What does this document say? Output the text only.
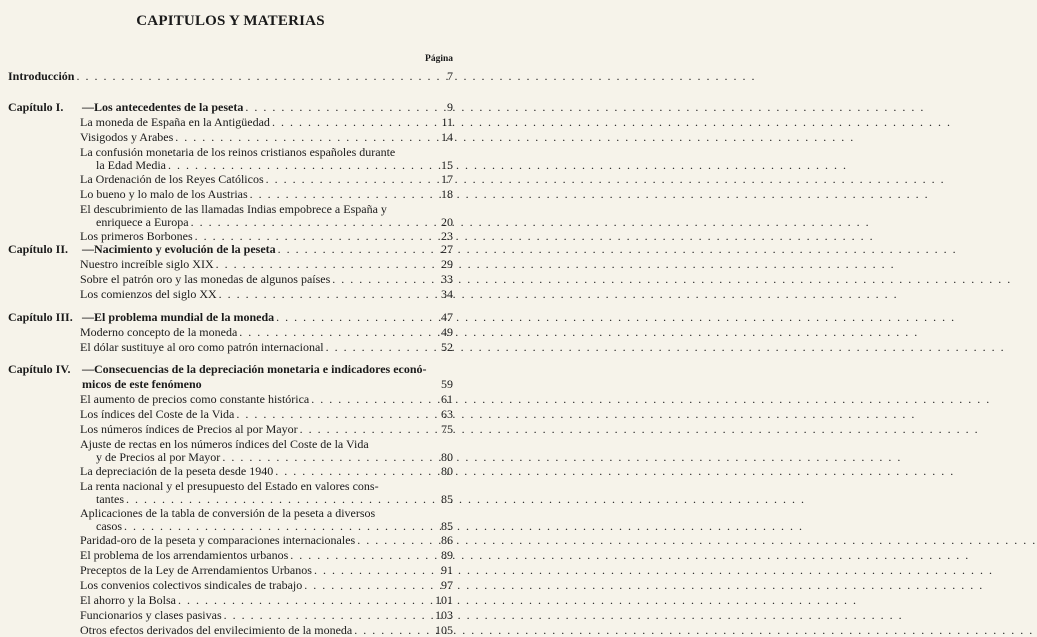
CAPITULOS Y MATERIAS
Página
Introducción . . .	7
Capítulo I. —Los antecedentes de la peseta . . .	9
La moneda de España en la Antigüedad . . .	11
Visigodos y Arabes . . .	14
La confusión monetaria de los reinos cristianos españoles durante
la Edad Media . . .	15
La Ordenación de los Reyes Católicos . . .	17
Lo bueno y lo malo de los Austrias . . .	18
El descubrimiento de las llamadas Indias empobrece a España y
enriquece a Europa . . .	20
Los primeros Borbones . . .	23
Capítulo II. —Nacimiento y evolución de la peseta . . .	27
Nuestro increíble siglo XIX . . .	29
Sobre el patrón oro y las monedas de algunos países . . .	33
Los comienzos del siglo XX . . .	34
Capítulo III. —El problema mundial de la moneda . . .	47
Moderno concepto de la moneda . . .	49
El dólar sustituye al oro como patrón internacional . . .	52
Capítulo IV. —Consecuencias de la depreciación monetaria e indicadores econó-
micos de este fenómeno	59
El aumento de precios como constante histórica . . .	61
Los índices del Coste de la Vida . . .	63
Los números índices de Precios al por Mayor . . .	75
Ajuste de rectas en los números índices del Coste de la Vida
y de Precios al por Mayor . . .	80
La depreciación de la peseta desde 1940 . . .	80
La renta nacional y el presupuesto del Estado en valores cons-
tantes . . .	85
Aplicaciones de la tabla de conversión de la peseta a diversos
casos . . .	85
Paridad-oro de la peseta y comparaciones internacionales . . .	86
El problema de los arrendamientos urbanos . . .	89
Preceptos de la Ley de Arrendamientos Urbanos . . .	91
Los convenios colectivos sindicales de trabajo . . .	97
El ahorro y la Bolsa . . .	101
Funcionarios y clases pasivas . . .	103
Otros efectos derivados del envilecimiento de la moneda . . .	105
